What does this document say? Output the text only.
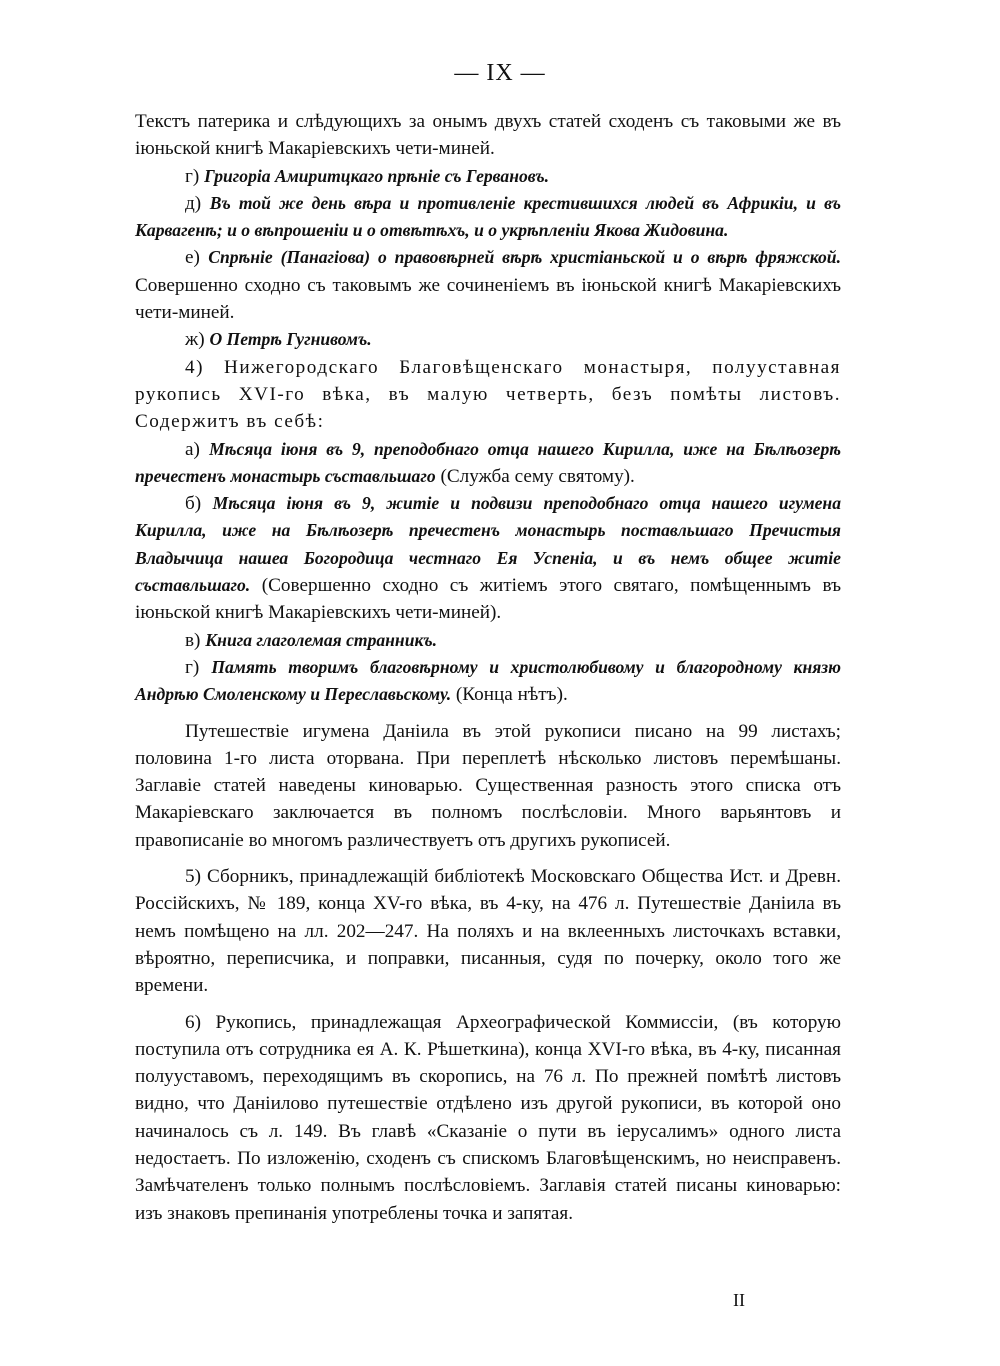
— IX —

Текстъ патерика и слѣдующихъ за онымъ двухъ статей сходенъ съ таковыми же въ іюньской книгѣ Макаріевскихъ чети-миней.

г) Григоріа Амиритцкаго прѣніе съ Гервановъ.

д) Въ той же день вѣра и противленіе крестившихся людей въ Африкіи, и въ Карвагенѣ; и о вѣпрошеніи и о отвѣтѣхъ, и о укрѣпленіи Якова Жидовина.

е) Спрѣніе (Панагіова) о правовѣрней вѣрѣ христіаньской и о вѣрѣ фряжской. Совершенно сходно съ таковымъ же сочиненіемъ въ іюньской книгѣ Макаріевскихъ чети-миней.

ж) О Петрѣ Гугнивомъ.

4) Нижегородскаго Благовѣщенскаго монастыря, полууставная рукопись XVI-го вѣка, въ малую четверть, безъ помѣты листовъ. Содержитъ въ себѣ:

а) Мѣсяца іюня въ 9, преподобнаго отца нашего Кирилла, иже на Бѣлѣозерѣ пречестенъ монастырь съставльшаго (Служба сему святому).

б) Мѣсяца іюня въ 9, житіе и подвизи преподобнаго отца нашего игумена Кирилла, иже на Бѣлѣозерѣ пречестенъ монастырь поставльшаго Пречистыя Владычица нашеа Богородица честнаго Ея Успеніа, и въ немъ общее житіе съставльшаго. (Совершенно сходно съ житіемъ этого святаго, помѣщеннымъ въ іюньской книгѣ Макаріевскихъ чети-миней).

в) Книга глаголемая странникъ.

г) Память творимъ благовѣрному и христолюбивому и благородному князю Андрѣю Смоленскому и Переславьскому. (Конца нѣтъ).

Путешествіе игумена Даніила въ этой рукописи писано на 99 листахъ; половина 1-го листа оторвана. При переплетѣ нѣсколько листовъ перемѣшаны. Заглавіе статей наведены киноварью. Существенная разность этого списка отъ Макаріевскаго заключается въ полномъ послѣсловіи. Много варьянтовъ и правописаніе во многомъ различествуетъ отъ другихъ рукописей.

5) Сборникъ, принадлежащій библіотекѣ Московскаго Общества Ист. и Древн. Россійскихъ, № 189, конца XV-го вѣка, въ 4-ку, на 476 л. Путешествіе Даніила въ немъ помѣщено на лл. 202—247. На поляхъ и на вклеенныхъ листочкахъ вставки, вѣроятно, переписчика, и поправки, писанныя, судя по почерку, около того же времени.

6) Рукопись, принадлежащая Археографической Коммиссіи, (въ которую поступила отъ сотрудника ея А. К. Рѣшеткина), конца XVI-го вѣка, въ 4-ку, писанная полууставомъ, переходящимъ въ скоропись, на 76 л. По прежней помѣтѣ листовъ видно, что Даніилово путешествіе отдѣлено изъ другой рукописи, въ которой оно начиналось съ л. 149. Въ главѣ «Сказаніе о пути въ іерусалимъ» одного листа недостаетъ. По изложенію, сходенъ съ спискомъ Благовѣщенскимъ, но неисправенъ. Замѣчателенъ только полнымъ послѣсловіемъ. Заглавія статей писаны киноварью: изъ знаковъ препинанія употреблены точка и запятая.

II
